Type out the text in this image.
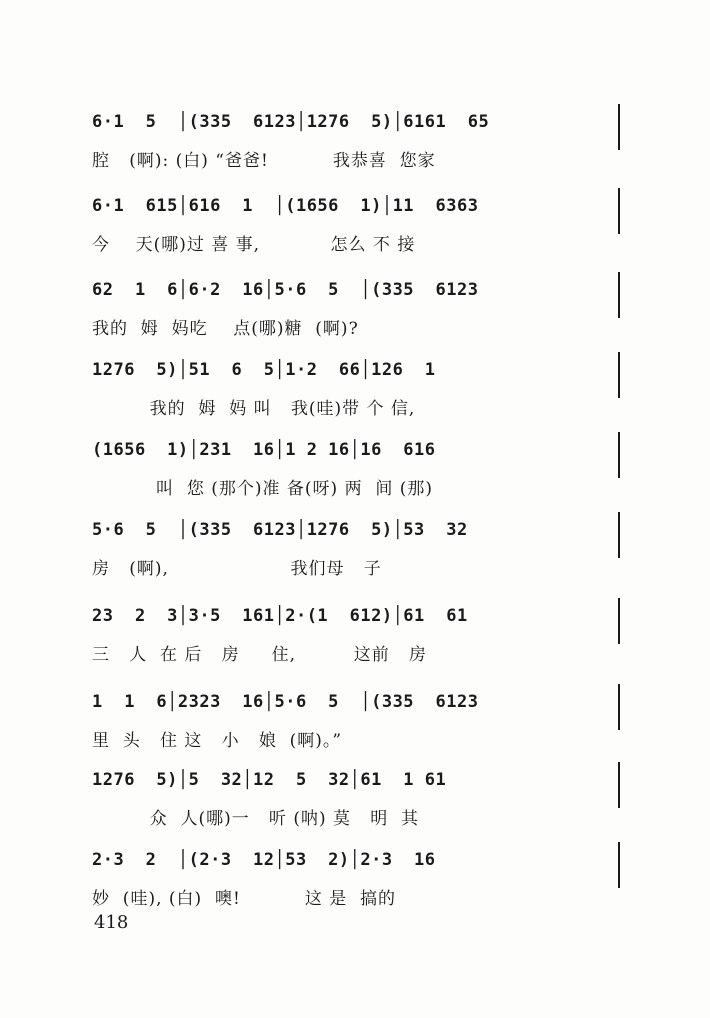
6·1  5  │(335  6123│1276  5)│6161  65
腔   (啊): (白) “爸爸!          我恭喜  您家
6·1  615│616  1  │(1656  1)│11  6363
今    天(哪)过 喜 事,           怎么 不 接
62  1  6│6·2  16│5·6  5  │(335  6123
我的  姆  妈吃    点(哪)糖  (啊)?
1276  5)│51  6  5│1·2  66│126  1
我的  姆  妈 叫   我(哇)带 个 信,
(1656  1)│231  16│1 2 16│16  616
叫  您 (那个)准 备(呀) 两  间 (那)
5·6  5  │(335  6123│1276  5)│53  32
房   (啊),                   我们母   子
23  2  3│3·5  161│2·(1  612)│61  61
三   人  在 后   房     住,         这前   房
1  1  6│2323  16│5·6  5  │(335  6123
里  头   住 这   小   娘  (啊)。”
1276  5)│5  32│12  5  32│61  1 61
众  人(哪)一   听 (呐) 莫   明  其
2·3  2  │(2·3  12│53  2)│2·3  16
妙  (哇), (白)  噢!          这 是  搞的
418
